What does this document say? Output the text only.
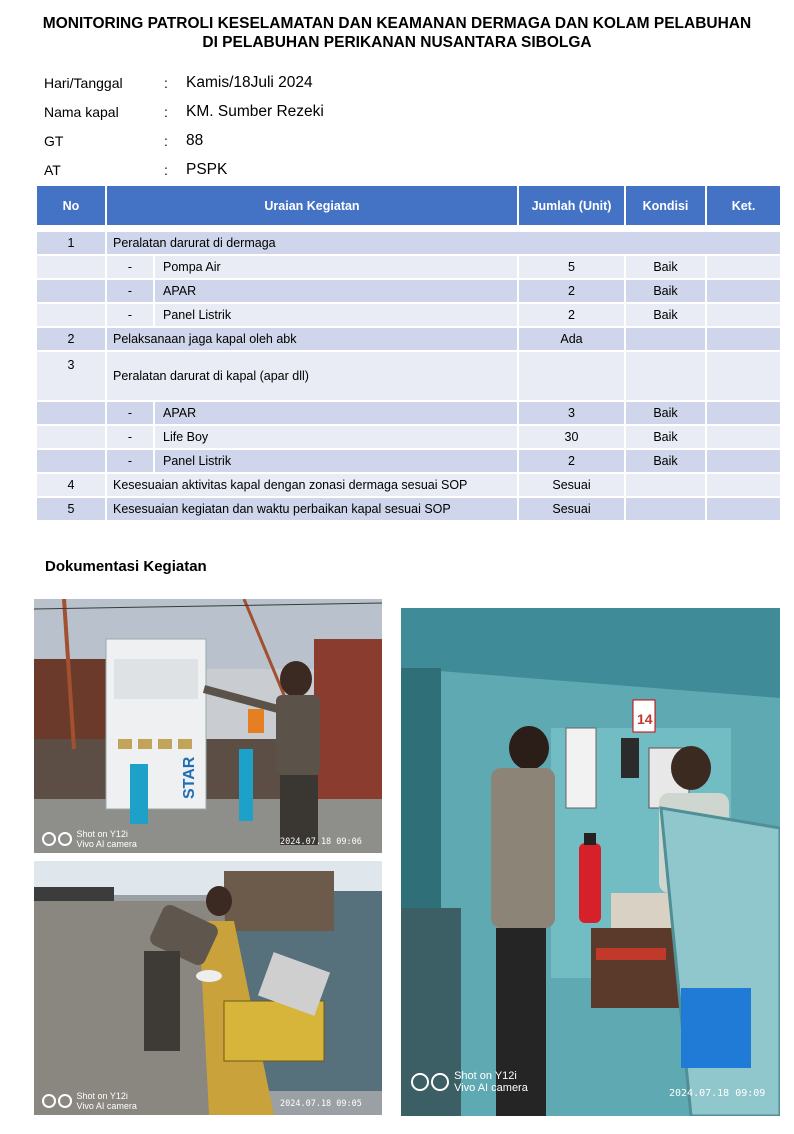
MONITORING PATROLI KESELAMATAN DAN KEAMANAN DERMAGA DAN KOLAM PELABUHAN
DI PELABUHAN PERIKANAN NUSANTARA SIBOLGA
Hari/Tanggal	:	Kamis/18Juli 2024
Nama kapal	:	KM. Sumber Rezeki
GT	:	88
AT	:	PSPK
No	Uraian Kegiatan	Jumlah (Unit)	Kondisi	Ket.

1	Peralatan darurat di dermaga			

	- Pompa Air	5	Baik	

	- APAR	2	Baik	

	- Panel Listrik	2	Baik	
2	Pelaksanaan jaga kapal oleh abk	Ada		
3	Peralatan darurat di kapal (apar dll)			

	- APAR	3	Baik	

	- Life Boy	30	Baik	

	- Panel Listrik	2	Baik	
4	Kesesuaian aktivitas kapal dengan zonasi dermaga sesuai SOP	Sesuai		
5	Kesesuaian kegiatan dan waktu perbaikan kapal sesuai SOP	Sesuai		
Dokumentasi Kegiatan
STAR
Shot on Y12i
Vivo AI camera	2024.07.18 09:06
Shot on Y12i
Vivo AI camera	2024.07.18 09:05
14
Shot on Y12i
Vivo AI camera	2024.07.18 09:09
